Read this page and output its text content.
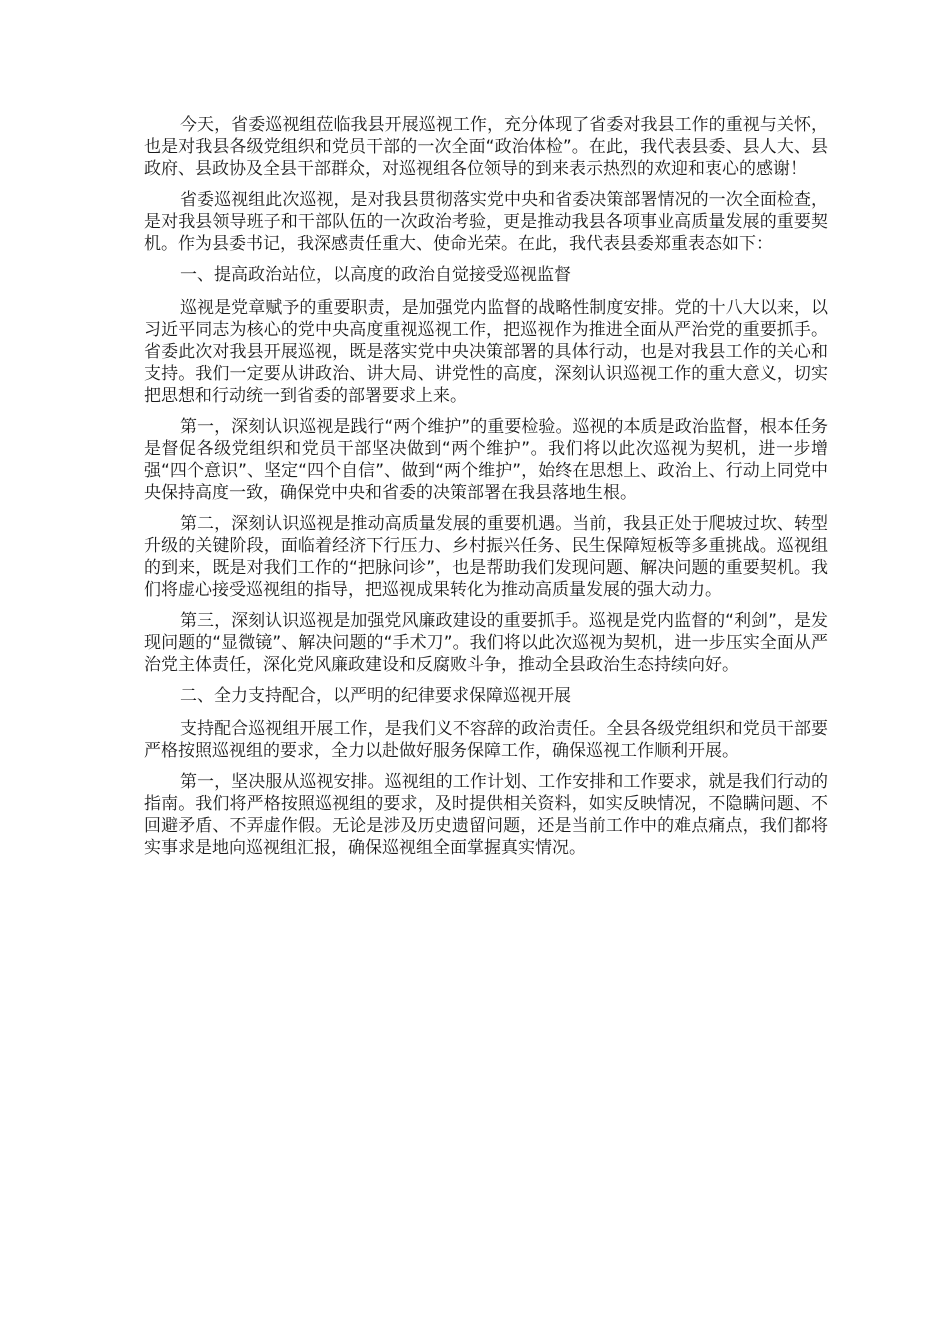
今天，省委巡视组莅临我县开展巡视工作，充分体现了省委对我县工作的重视与关怀，也是对我县各级党组织和党员干部的一次全面“政治体检”。在此，我代表县委、县人大、县政府、县政协及全县干部群众，对巡视组各位领导的到来表示热烈的欢迎和衷心的感谢！

省委巡视组此次巡视，是对我县贯彻落实党中央和省委决策部署情况的一次全面检查，是对我县领导班子和干部队伍的一次政治考验，更是推动我县各项事业高质量发展的重要契机。作为县委书记，我深感责任重大、使命光荣。在此，我代表县委郑重表态如下：

一、提高政治站位，以高度的政治自觉接受巡视监督

巡视是党章赋予的重要职责，是加强党内监督的战略性制度安排。党的十八大以来，以习近平同志为核心的党中央高度重视巡视工作，把巡视作为推进全面从严治党的重要抓手。省委此次对我县开展巡视，既是落实党中央决策部署的具体行动，也是对我县工作的关心和支持。我们一定要从讲政治、讲大局、讲党性的高度，深刻认识巡视工作的重大意义，切实把思想和行动统一到省委的部署要求上来。

第一，深刻认识巡视是践行“两个维护”的重要检验。巡视的本质是政治监督，根本任务是督促各级党组织和党员干部坚决做到“两个维护”。我们将以此次巡视为契机，进一步增强“四个意识”、坚定“四个自信”、做到“两个维护”，始终在思想上、政治上、行动上同党中央保持高度一致，确保党中央和省委的决策部署在我县落地生根。

第二，深刻认识巡视是推动高质量发展的重要机遇。当前，我县正处于爬坡过坎、转型升级的关键阶段，面临着经济下行压力、乡村振兴任务、民生保障短板等多重挑战。巡视组的到来，既是对我们工作的“把脉问诊”，也是帮助我们发现问题、解决问题的重要契机。我们将虚心接受巡视组的指导，把巡视成果转化为推动高质量发展的强大动力。

第三，深刻认识巡视是加强党风廉政建设的重要抓手。巡视是党内监督的“利剑”，是发现问题的“显微镜”、解决问题的“手术刀”。我们将以此次巡视为契机，进一步压实全面从严治党主体责任，深化党风廉政建设和反腐败斗争，推动全县政治生态持续向好。

二、全力支持配合，以严明的纪律要求保障巡视开展

支持配合巡视组开展工作，是我们义不容辞的政治责任。全县各级党组织和党员干部要严格按照巡视组的要求，全力以赴做好服务保障工作，确保巡视工作顺利开展。

第一，坚决服从巡视安排。巡视组的工作计划、工作安排和工作要求，就是我们行动的指南。我们将严格按照巡视组的要求，及时提供相关资料，如实反映情况，不隐瞒问题、不回避矛盾、不弄虚作假。无论是涉及历史遗留问题，还是当前工作中的难点痛点，我们都将实事求是地向巡视组汇报，确保巡视组全面掌握真实情况。
